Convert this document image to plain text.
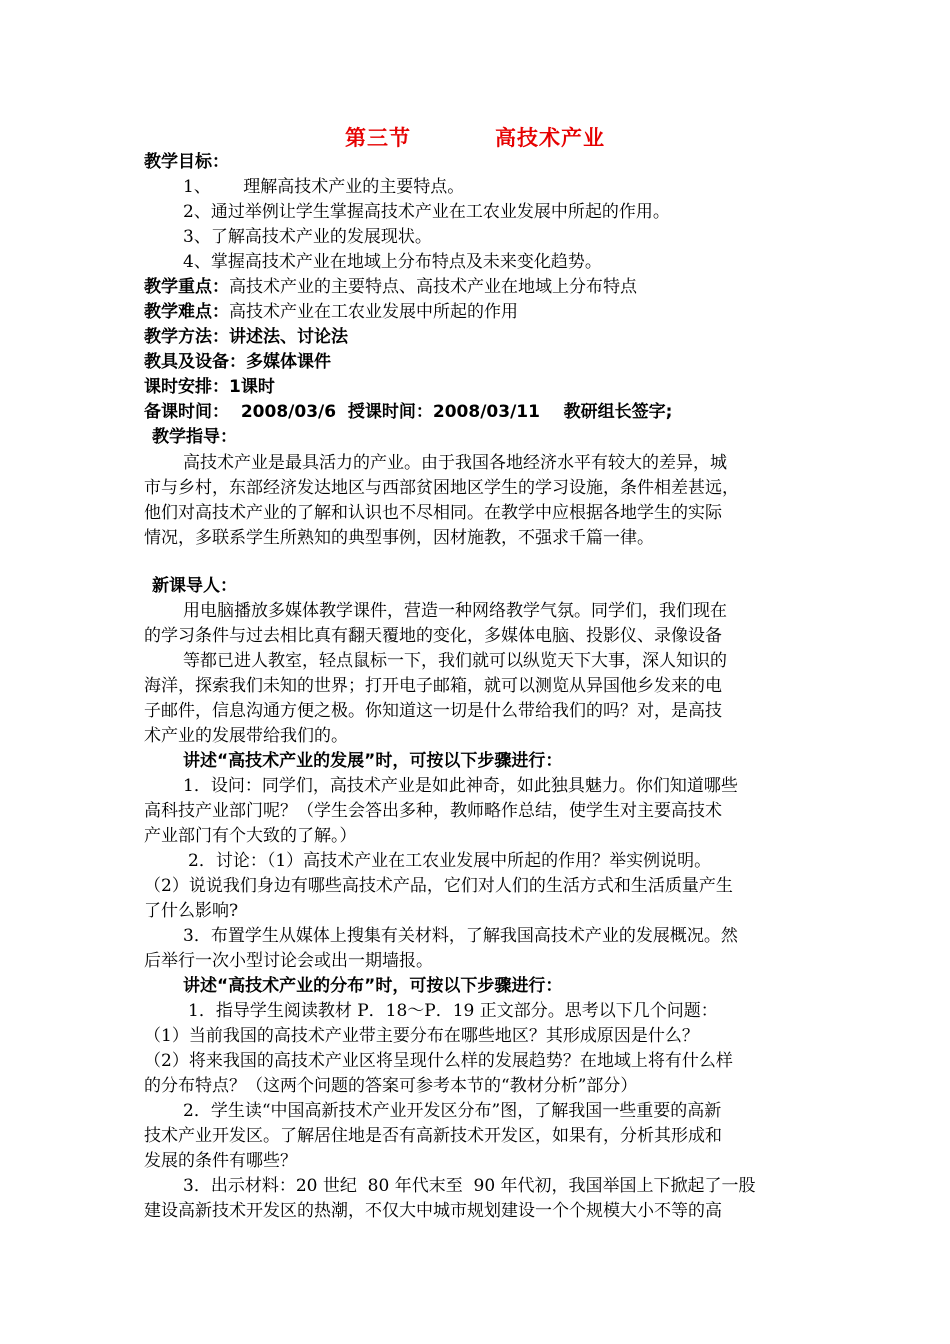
第三节	高技术产业
教学目标：
1、      理解高技术产业的主要特点。
2、通过举例让学生掌握高技术产业在工农业发展中所起的作用。
3、了解高技术产业的发展现状。
4、掌握高技术产业在地域上分布特点及未来变化趋势。
教学重点：高技术产业的主要特点、高技术产业在地域上分布特点
教学难点：高技术产业在工农业发展中所起的作用
教学方法：讲述法、讨论法
教具及设备：多媒体课件
课时安排：1课时
备课时间：  2008/03/6  授课时间：2008/03/11    教研组长签字;
教学指导：
高技术产业是最具活力的产业。由于我国各地经济水平有较大的差异，城
市与乡村，东部经济发达地区与西部贫困地区学生的学习设施，条件相差甚远，
他们对高技术产业的了解和认识也不尽相同。在教学中应根据各地学生的实际
情况，多联系学生所熟知的典型事例，因材施教，不强求千篇一律。
新课导人：
用电脑播放多媒体教学课件，营造一种网络教学气氛。同学们，我们现在
的学习条件与过去相比真有翻天覆地的变化，多媒体电脑、投影仪、录像设备
等都已进人教室，轻点鼠标一下，我们就可以纵览天下大事，深人知识的
海洋，探索我们未知的世界；打开电子邮箱，就可以测览从异国他乡发来的电
子邮件，信息沟通方便之极。你知道这一切是什么带给我们的吗？对，是高技
术产业的发展带给我们的。
讲述“高技术产业的发展”时，可按以下步骤进行：
1．设问：同学们，高技术产业是如此神奇，如此独具魅力。你们知道哪些
高科技产业部门呢？（学生会答出多种，教师略作总结，使学生对主要高技术
产业部门有个大致的了解。）
2．讨论：（1）高技术产业在工农业发展中所起的作用？举实例说明。
（2）说说我们身边有哪些高技术产品，它们对人们的生活方式和生活质量产生
了什么影响?
3．布置学生从媒体上搜集有关材料，了解我国高技术产业的发展概况。然
后举行一次小型讨论会或出一期墙报。
讲述“高技术产业的分布”时，可按以下步骤进行：
1．指导学生阅读教材 P．18～P．19 正文部分。思考以下几个问题：
（1）当前我国的高技术产业带主要分布在哪些地区？其形成原因是什么？
（2）将来我国的高技术产业区将呈现什么样的发展趋势？在地域上将有什么样
的分布特点？（这两个问题的答案可参考本节的“教材分析”部分）
2．学生读“中国高新技术产业开发区分布”图，了解我国一些重要的高新
技术产业开发区。了解居住地是否有高新技术开发区，如果有，分析其形成和
发展的条件有哪些？
3．出示材料：20 世纪  80 年代末至  90 年代初，我国举国上下掀起了一股
建设高新技术开发区的热潮，不仅大中城市规划建设一个个规模大小不等的高
